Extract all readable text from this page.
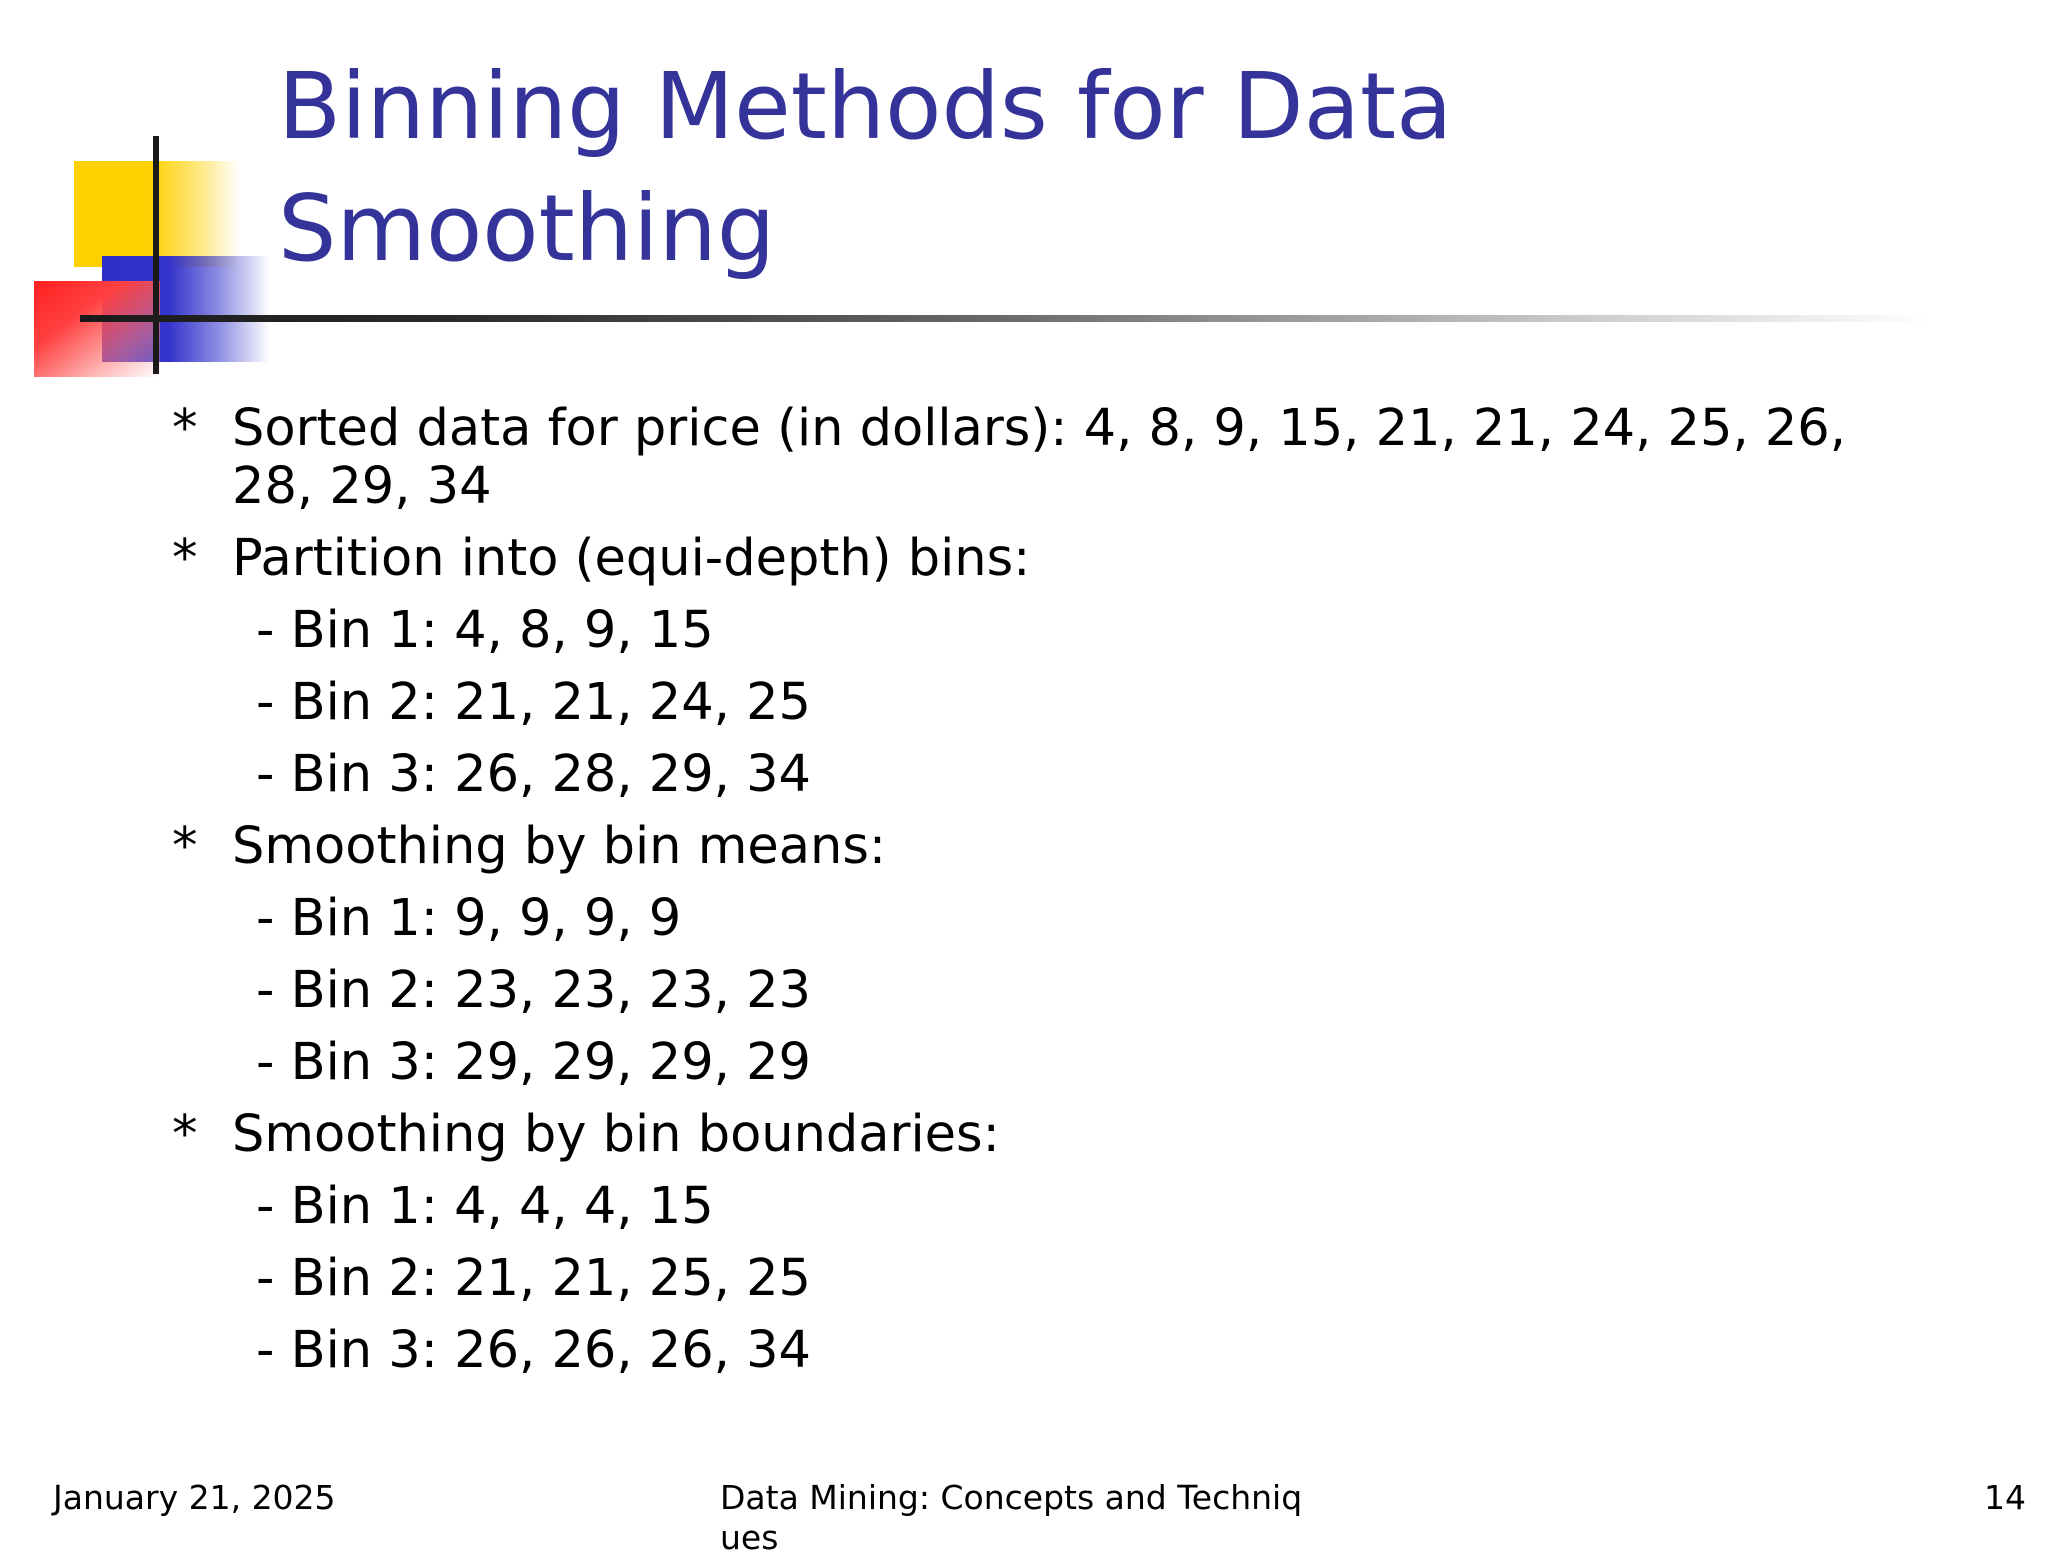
Binning Methods for Data Smoothing
* Sorted data for price (in dollars): 4, 8, 9, 15, 21, 21, 24, 25, 26, 28, 29, 34
* Partition into (equi-depth) bins:
- Bin 1: 4, 8, 9, 15
- Bin 2: 21, 21, 24, 25
- Bin 3: 26, 28, 29, 34
* Smoothing by bin means:
- Bin 1: 9, 9, 9, 9
- Bin 2: 23, 23, 23, 23
- Bin 3: 29, 29, 29, 29
* Smoothing by bin boundaries:
- Bin 1: 4, 4, 4, 15
- Bin 2: 21, 21, 25, 25
- Bin 3: 26, 26, 26, 34
January 21, 2025	Data Mining: Concepts and Techniques
14
